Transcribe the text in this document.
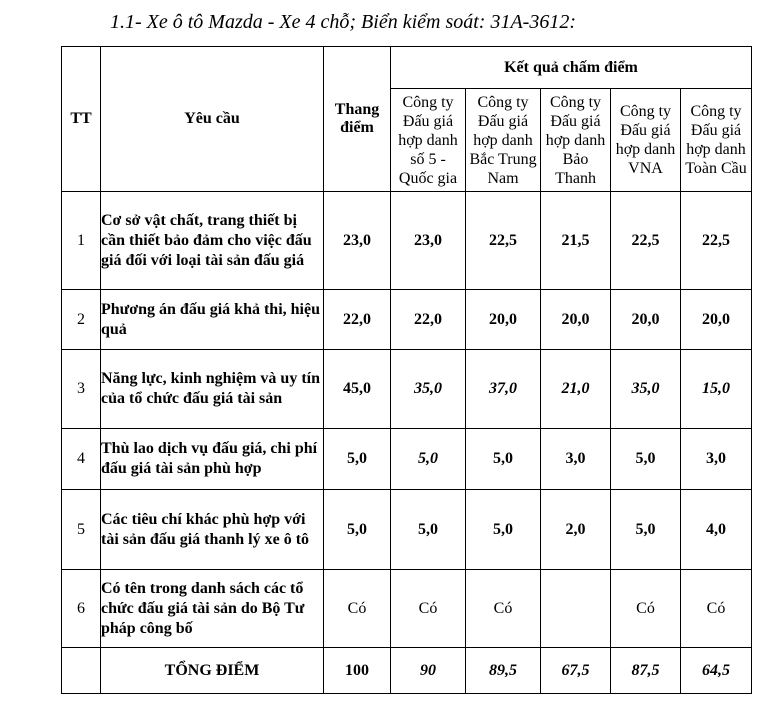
1.1- Xe ô tô Mazda - Xe 4 chỗ; Biển kiểm soát: 31A-3612:
TT	Yêu cầu	Thang điểm	Kết quả chấm điểm				
			Công ty Đấu giá hợp danh số 5 - Quốc gia	Công ty Đấu giá hợp danh Bắc Trung Nam	Công ty Đấu giá hợp danh Bảo Thanh	Công ty Đấu giá hợp danh VNA	Công ty Đấu giá hợp danh Toàn Cầu
1	Cơ sở vật chất, trang thiết bị cần thiết bảo đảm cho việc đấu giá đối với loại tài sản đấu giá	23,0	23,0	22,5	21,5	22,5	22,5
2	Phương án đấu giá khả thi, hiệu quả	22,0	22,0	20,0	20,0	20,0	20,0
3	Năng lực, kinh nghiệm và uy tín của tổ chức đấu giá tài sản	45,0	35,0	37,0	21,0	35,0	15,0
4	Thù lao dịch vụ đấu giá, chi phí đấu giá tài sản phù hợp	5,0	5,0	5,0	3,0	5,0	3,0
5	Các tiêu chí khác phù hợp với tài sản đấu giá thanh lý xe ô tô	5,0	5,0	5,0	2,0	5,0	4,0
6	Có tên trong danh sách các tổ chức đấu giá tài sản do Bộ Tư pháp công bố	Có	Có	Có		Có	Có
	TỔNG ĐIỂM	100	90	89,5	67,5	87,5	64,5
